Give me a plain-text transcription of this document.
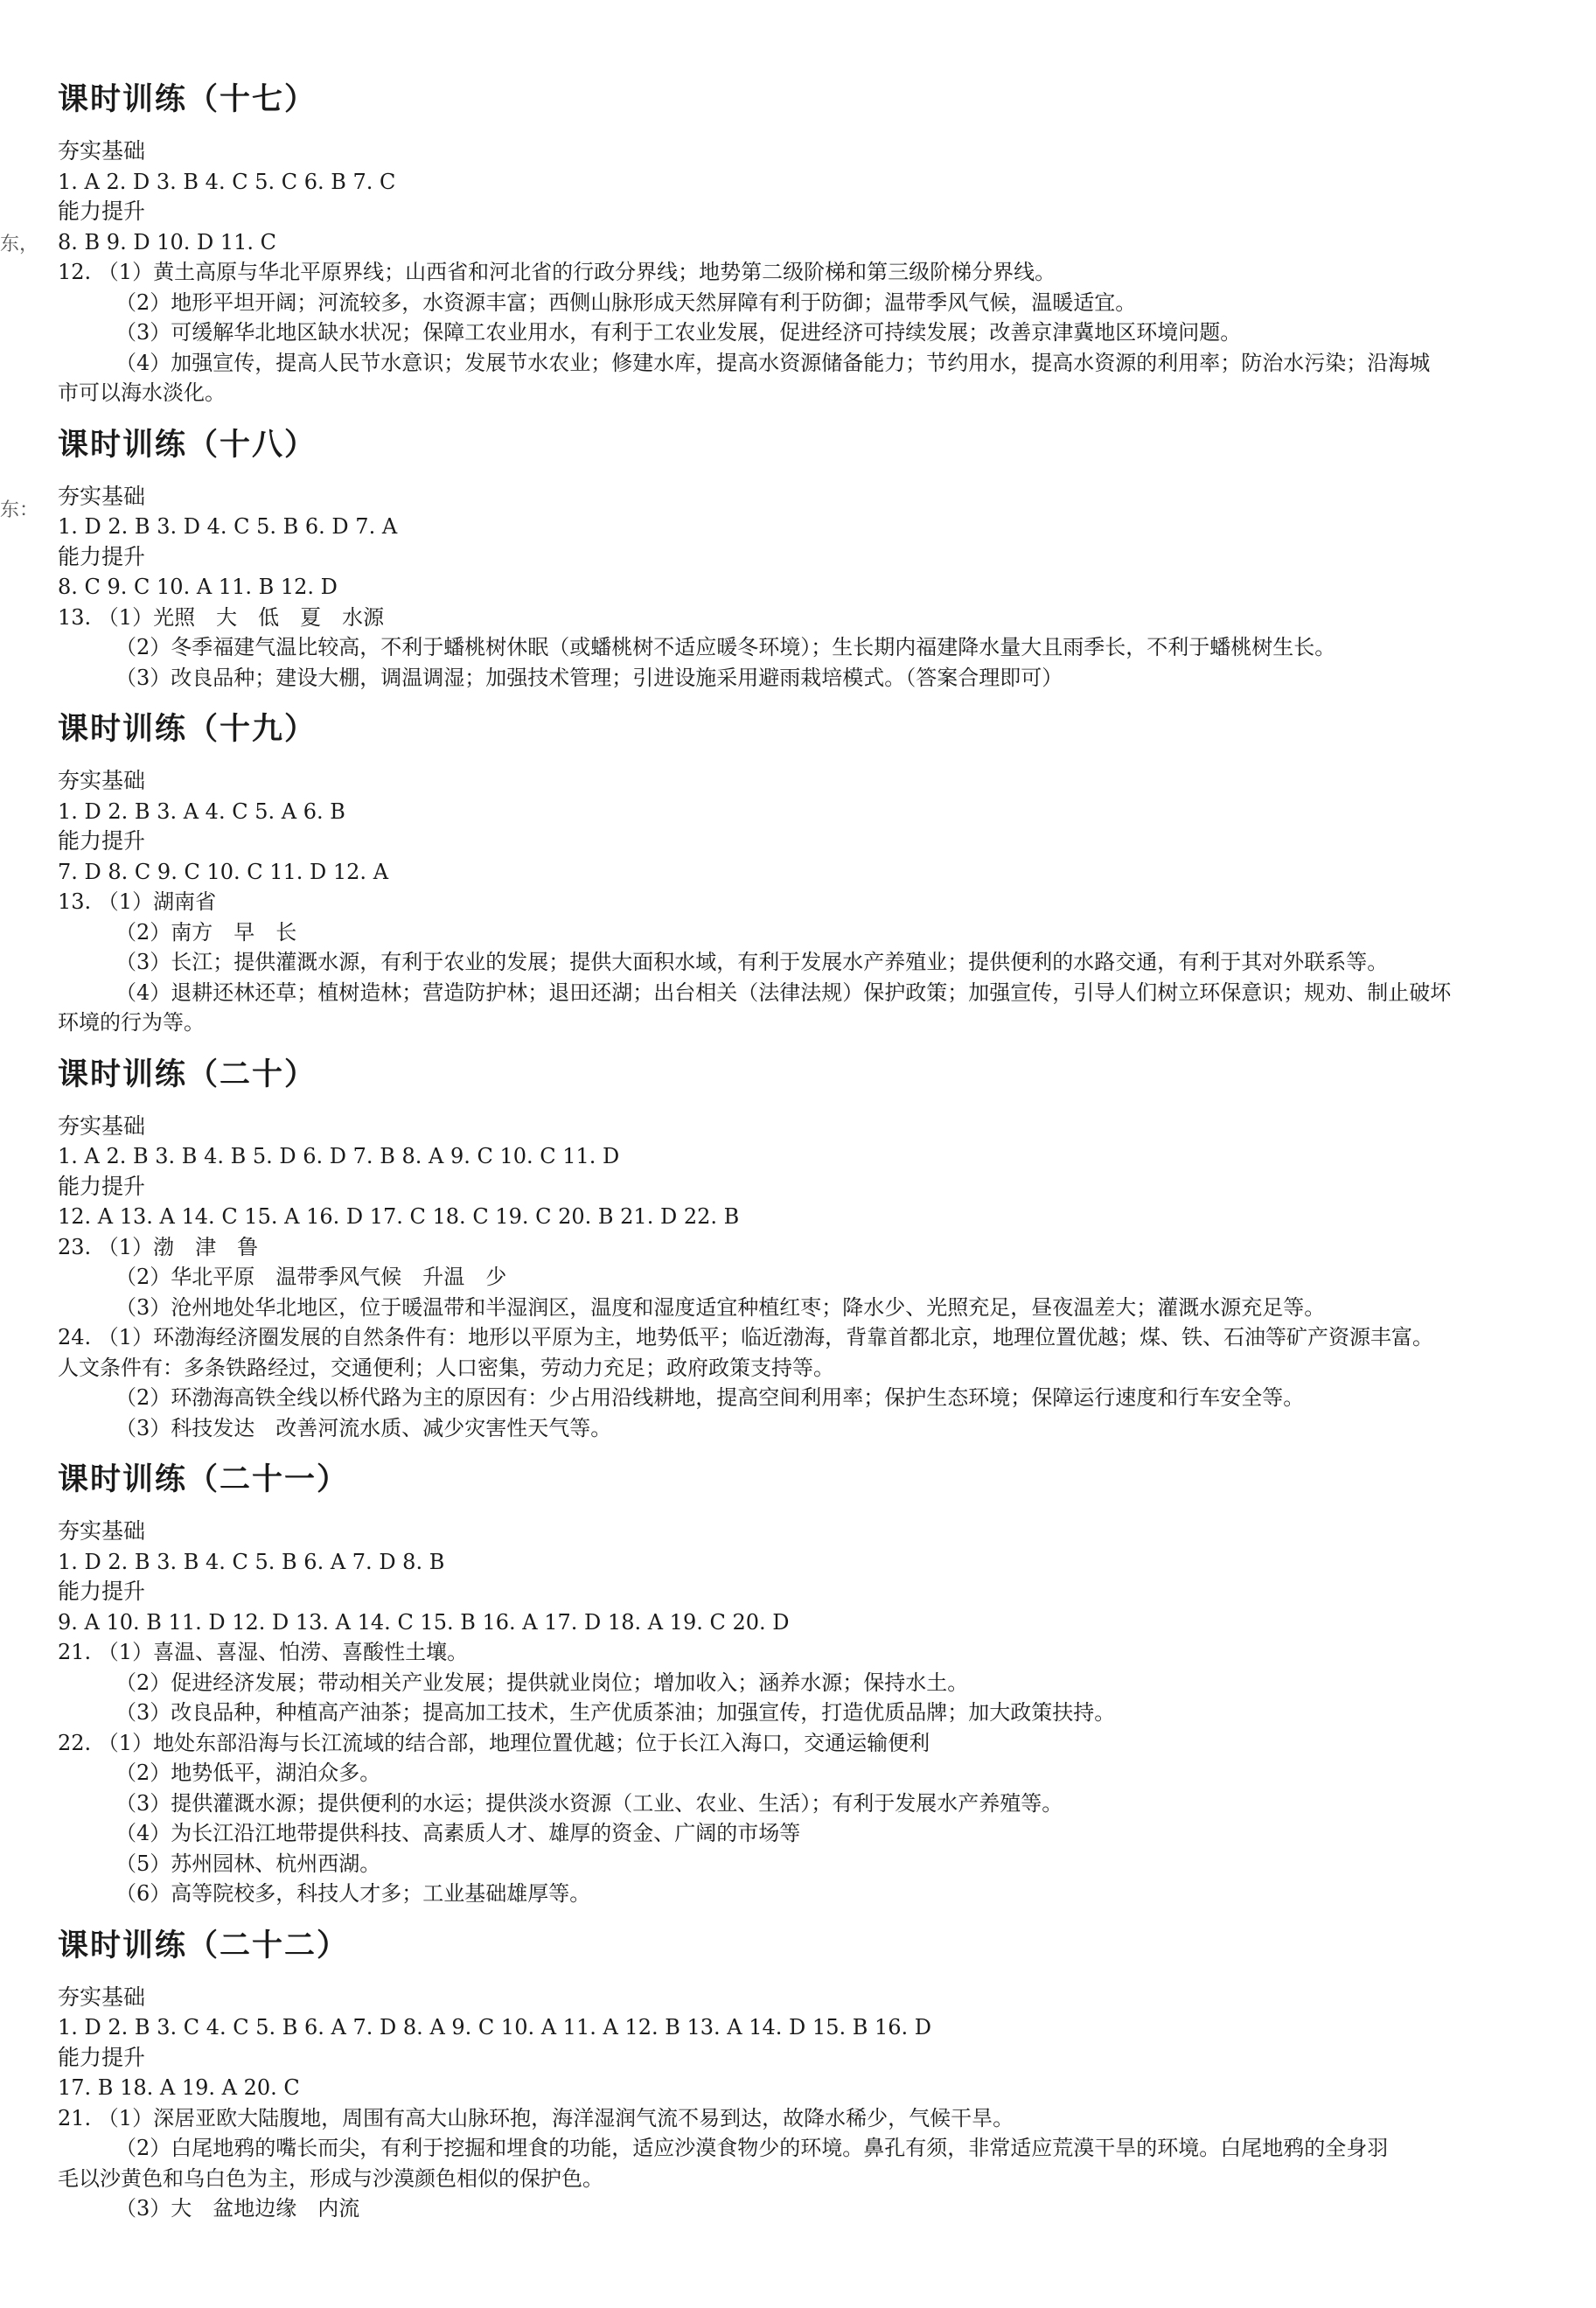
东，
东：
课时训练（十七）
夯实基础
1. A 2. D 3. B 4. C 5. C 6. B 7. C
能力提升
8. B 9. D 10. D 11. C
12. （1）黄土高原与华北平原界线；山西省和河北省的行政分界线；地势第二级阶梯和第三级阶梯分界线。
（2）地形平坦开阔；河流较多，水资源丰富；西侧山脉形成天然屏障有利于防御；温带季风气候，温暖适宜。
（3）可缓解华北地区缺水状况；保障工农业用水，有利于工农业发展，促进经济可持续发展；改善京津冀地区环境问题。
（4）加强宣传，提高人民节水意识；发展节水农业；修建水库，提高水资源储备能力；节约用水，提高水资源的利用率；防治水污染；沿海城
市可以海水淡化。
课时训练（十八）
夯实基础
1. D 2. B 3. D 4. C 5. B 6. D 7. A
能力提升
8. C 9. C 10. A 11. B 12. D
13. （1）光照　大　低　夏　水源
（2）冬季福建气温比较高，不利于蟠桃树休眠（或蟠桃树不适应暖冬环境）；生长期内福建降水量大且雨季长，不利于蟠桃树生长。
（3）改良品种；建设大棚，调温调湿；加强技术管理；引进设施采用避雨栽培模式。（答案合理即可）
课时训练（十九）
夯实基础
1. D 2. B 3. A 4. C 5. A 6. B
能力提升
7. D 8. C 9. C 10. C 11. D 12. A
13. （1）湖南省
（2）南方　早　长
（3）长江；提供灌溉水源，有利于农业的发展；提供大面积水域，有利于发展水产养殖业；提供便利的水路交通，有利于其对外联系等。
（4）退耕还林还草；植树造林；营造防护林；退田还湖；出台相关（法律法规）保护政策；加强宣传，引导人们树立环保意识；规劝、制止破坏
环境的行为等。
课时训练（二十）
夯实基础
1. A 2. B 3. B 4. B 5. D 6. D 7. B 8. A 9. C 10. C 11. D
能力提升
12. A 13. A 14. C 15. A 16. D 17. C 18. C 19. C 20. B 21. D 22. B
23. （1）渤　津　鲁
（2）华北平原　温带季风气候　升温　少
（3）沧州地处华北地区，位于暖温带和半湿润区，温度和湿度适宜种植红枣；降水少、光照充足，昼夜温差大；灌溉水源充足等。
24. （1）环渤海经济圈发展的自然条件有：地形以平原为主，地势低平；临近渤海，背靠首都北京，地理位置优越；煤、铁、石油等矿产资源丰富。
人文条件有：多条铁路经过，交通便利；人口密集，劳动力充足；政府政策支持等。
（2）环渤海高铁全线以桥代路为主的原因有：少占用沿线耕地，提高空间利用率；保护生态环境；保障运行速度和行车安全等。
（3）科技发达　改善河流水质、减少灾害性天气等。
课时训练（二十一）
夯实基础
1. D 2. B 3. B 4. C 5. B 6. A 7. D 8. B
能力提升
9. A 10. B 11. D 12. D 13. A 14. C 15. B 16. A 17. D 18. A 19. C 20. D
21. （1）喜温、喜湿、怕涝、喜酸性土壤。
（2）促进经济发展；带动相关产业发展；提供就业岗位；增加收入；涵养水源；保持水土。
（3）改良品种，种植高产油茶；提高加工技术，生产优质茶油；加强宣传，打造优质品牌；加大政策扶持。
22. （1）地处东部沿海与长江流域的结合部，地理位置优越；位于长江入海口，交通运输便利
（2）地势低平，湖泊众多。
（3）提供灌溉水源；提供便利的水运；提供淡水资源（工业、农业、生活）；有利于发展水产养殖等。
（4）为长江沿江地带提供科技、高素质人才、雄厚的资金、广阔的市场等
（5）苏州园林、杭州西湖。
（6）高等院校多，科技人才多；工业基础雄厚等。
课时训练（二十二）
夯实基础
1. D 2. B 3. C 4. C 5. B 6. A 7. D 8. A 9. C 10. A 11. A 12. B 13. A 14. D 15. B 16. D
能力提升
17. B 18. A 19. A 20. C
21. （1）深居亚欧大陆腹地，周围有高大山脉环抱，海洋湿润气流不易到达，故降水稀少，气候干旱。
（2）白尾地鸦的嘴长而尖，有利于挖掘和埋食的功能，适应沙漠食物少的环境。鼻孔有须，非常适应荒漠干旱的环境。白尾地鸦的全身羽
毛以沙黄色和乌白色为主，形成与沙漠颜色相似的保护色。
（3）大　盆地边缘　内流
